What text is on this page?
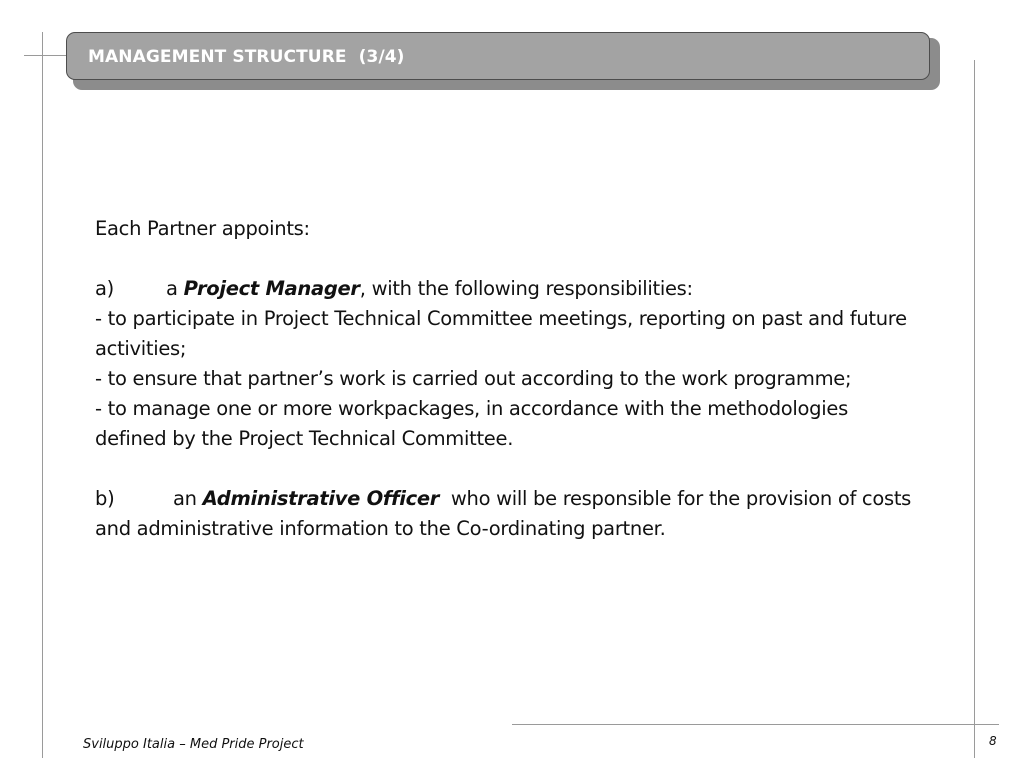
MANAGEMENT STRUCTURE  (3/4)

Each Partner appoints:

a)	a Project Manager, with the following responsibilities:

- to participate in Project Technical Committee meetings, reporting on past and future activities;

- to ensure that partner’s work is carried out according to the work programme;

- to manage one or more workpackages, in accordance with the methodologies defined by the Project Technical Committee.

b)	an Administrative Officer  who will be responsible for the provision of costs and administrative information to the Co-ordinating partner.

Sviluppo Italia – Med Pride Project	8
